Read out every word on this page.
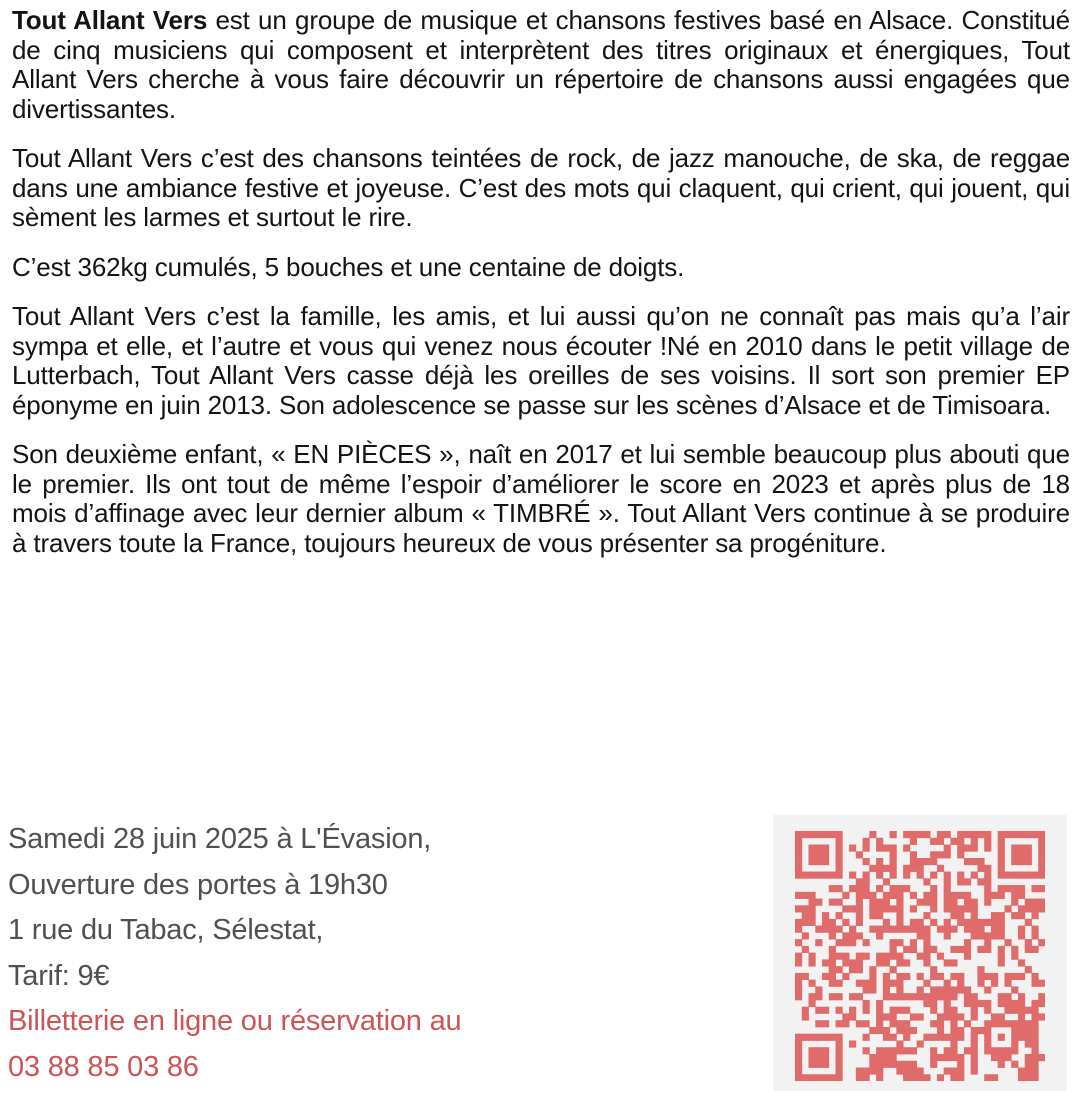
Tout Allant Vers est un groupe de musique et chansons festives basé en Alsace. Constitué de cinq musiciens qui composent et interprètent des titres originaux et énergiques, Tout Allant Vers cherche à vous faire découvrir un répertoire de chansons aussi engagées que divertissantes.

Tout Allant Vers c’est des chansons teintées de rock, de jazz manouche, de ska, de reggae dans une ambiance festive et joyeuse. C’est des mots qui claquent, qui crient, qui jouent, qui sèment les larmes et surtout le rire.

C’est 362kg cumulés, 5 bouches et une centaine de doigts.

Tout Allant Vers c’est la famille, les amis, et lui aussi qu’on ne connaît pas mais qu’a l’air sympa et elle, et l’autre et vous qui venez nous écouter !Né en 2010 dans le petit village de Lutterbach, Tout Allant Vers casse déjà les oreilles de ses voisins. Il sort son premier EP éponyme en juin 2013. Son adolescence se passe sur les scènes d’Alsace et de Timisoara.

Son deuxième enfant, « EN PIÈCES », naît en 2017 et lui semble beaucoup plus abouti que le premier. Ils ont tout de même l’espoir d’améliorer le score en 2023 et après plus de 18 mois d’affinage avec leur dernier album « TIMBRÉ ». Tout Allant Vers continue à se produire à travers toute la France, toujours heureux de vous présenter sa progéniture.

Samedi 28 juin 2025 à L'Évasion,
Ouverture des portes à 19h30
1 rue du Tabac, Sélestat,
Tarif: 9€
Billetterie en ligne ou réservation au
03 88 85 03 86
